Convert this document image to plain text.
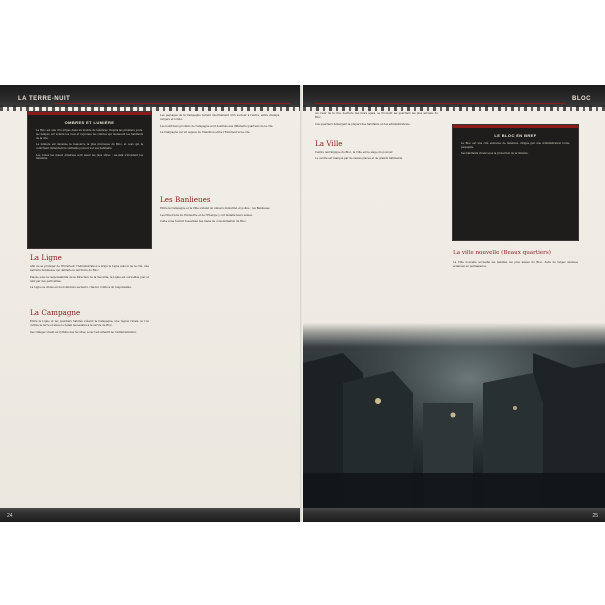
LA TERRE-NUIT
OMBRES ET LUMIÈRE

Le Bloc est une cité érigée dans un monde de ténèbres. Depuis les premiers jours, les lampes ont éclairé les rues et repoussé les ombres qui menacent les habitants de la cité.

La lumière est devenue la ressource la plus précieuse du Bloc, et ceux qui la contrôlent détiennent le véritable pouvoir sur ses habitants.

Les zones les mieux éclairées sont aussi les plus sûres ; au-delà s'étendent les ténèbres.

La Ligne

Afin de se protéger de l'Extérieur, l'Administration a érigé la Ligne autour de la cité, une barrière lumineuse qui délimite le territoire du Bloc.

Placée sous la responsabilité de la Direction de la Sécurité, la Ligne est surveillée jour et nuit par des patrouilles.

La Ligne se divise en de nombreux secteurs, chacun confié à un responsable.

La Campagne

Entre la Ligne et les quartiers habités s'étend la Campagne, une région rurale où l'on cultive la terre et élève le bétail nécessaire à la survie du Bloc.

Ses villages vivent au rythme des récoltes, sous l'œil attentif de l'Administration.

Les paysages de la Campagne varient énormément d'un secteur à l'autre, entre champs, vergers et forêts.

Les nombreux produits de Campagne sont destinés aux différents quartiers de la cité.

La Campagne est un espace de transition entre l'Extérieur et la cité.

Les Banlieues

Entre la Campagne et la Ville s'étend un univers industriel et pollué : les Banlieues.

Les Directions de l'Industrie et de l'Énergie y ont installé leurs usines.

Cette zone fournit l'essentiel des biens de consommation du Bloc.

24
BLOC

Au cœur de la cité, derrière des murs épais, se trouvent les quartiers les plus anciens du Bloc.

Ces quartiers hébergent la plupart des habitants et des administrations.

La Ville

Centre névralgique du Bloc, la Ville est le siège du pouvoir.

Le centre est marqué par de vastes places et de grands bâtiments.

LE BLOC EN BREF

Le Bloc est une cité entourée de ténèbres, dirigée par une Administration toute-puissante.

Ses habitants vivent sous la protection de la lumière.

La ville nouvelle (Beaux quartiers)

La Ville nouvelle accueille les familles les plus aisées du Bloc, dans de larges avenues éclairées en permanence.

25
